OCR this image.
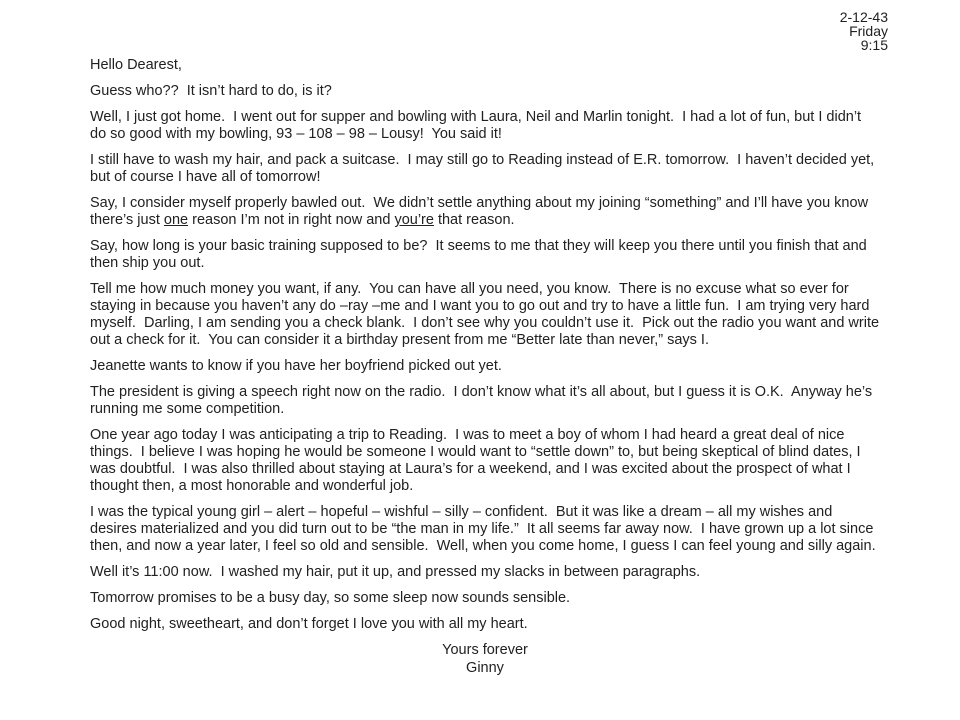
2-12-43
Friday
9:15

Hello Dearest,

Guess who??  It isn’t hard to do, is it?

Well, I just got home.  I went out for supper and bowling with Laura, Neil and Marlin tonight.  I had a lot of fun, but I didn’t do so good with my bowling, 93 – 108 – 98 – Lousy!  You said it!

I still have to wash my hair, and pack a suitcase.  I may still go to Reading instead of E.R. tomorrow.  I haven’t decided yet, but of course I have all of tomorrow!

Say, I consider myself properly bawled out.  We didn’t settle anything about my joining “something” and I’ll have you know there’s just one reason I’m not in right now and you’re that reason.

Say, how long is your basic training supposed to be?  It seems to me that they will keep you there until you finish that and then ship you out.

Tell me how much money you want, if any.  You can have all you need, you know.  There is no excuse what so ever for staying in because you haven’t any do –ray –me and I want you to go out and try to have a little fun.  I am trying very hard myself.  Darling, I am sending you a check blank.  I don’t see why you couldn’t use it.  Pick out the radio you want and write out a check for it.  You can consider it a birthday present from me “Better late than never,” says I.

Jeanette wants to know if you have her boyfriend picked out yet.

The president is giving a speech right now on the radio.  I don’t know what it’s all about, but I guess it is O.K.  Anyway he’s running me some competition.

One year ago today I was anticipating a trip to Reading.  I was to meet a boy of whom I had heard a great deal of nice things.  I believe I was hoping he would be someone I would want to “settle down” to, but being skeptical of blind dates, I was doubtful.  I was also thrilled about staying at Laura’s for a weekend, and I was excited about the prospect of what I thought then, a most honorable and wonderful job.

I was the typical young girl – alert – hopeful – wishful – silly – confident.  But it was like a dream – all my wishes and desires materialized and you did turn out to be “the man in my life.”  It all seems far away now.  I have grown up a lot since then, and now a year later, I feel so old and sensible.  Well, when you come home, I guess I can feel young and silly again.

Well it’s 11:00 now.  I washed my hair, put it up, and pressed my slacks in between paragraphs.

Tomorrow promises to be a busy day, so some sleep now sounds sensible.

Good night, sweetheart, and don’t forget I love you with all my heart.

Yours forever
Ginny
